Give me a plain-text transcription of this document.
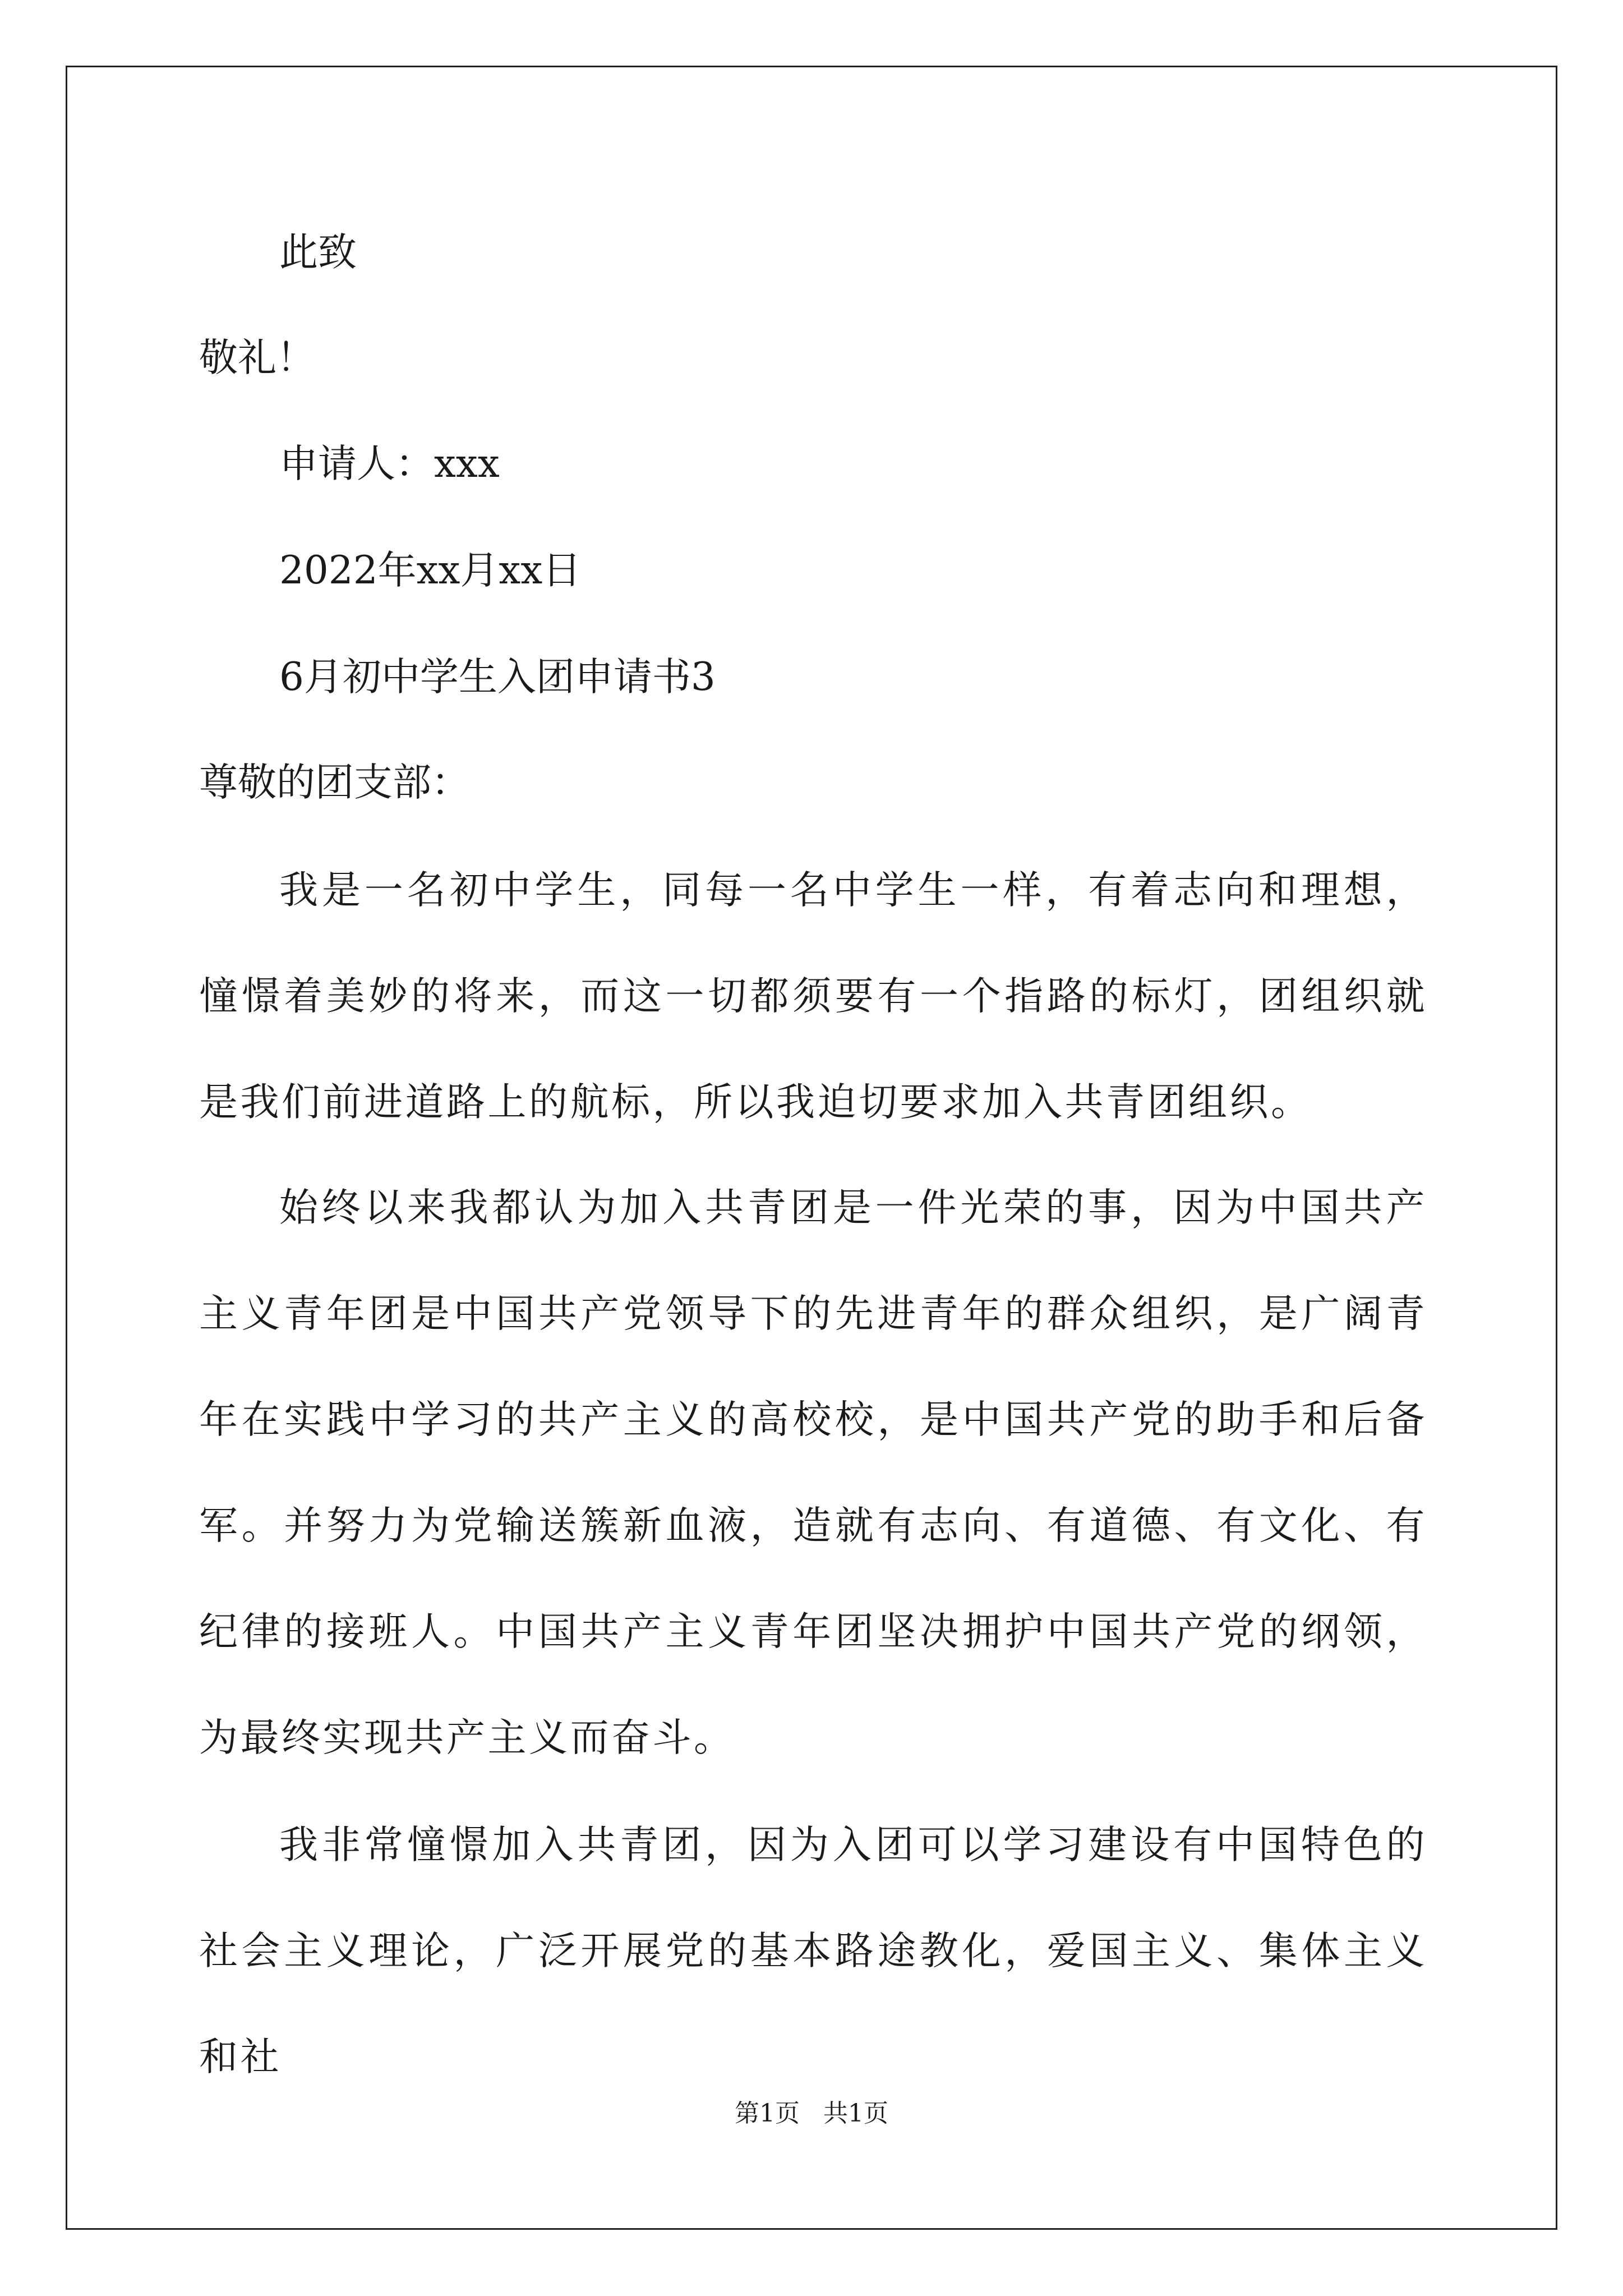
此致
敬礼！
申请人：xxx
2022年xx月xx日
6月初中学生入团申请书3
尊敬的团支部：
我是一名初中学生，同每一名中学生一样，有着志向和理想，憧憬着美妙的将来，而这一切都须要有一个指路的标灯，团组织就是我们前进道路上的航标，所以我迫切要求加入共青团组织。
始终以来我都认为加入共青团是一件光荣的事，因为中国共产主义青年团是中国共产党领导下的先进青年的群众组织，是广阔青年在实践中学习的共产主义的高校校，是中国共产党的助手和后备军。并努力为党输送簇新血液，造就有志向、有道德、有文化、有纪律的接班人。中国共产主义青年团坚决拥护中国共产党的纲领，为最终实现共产主义而奋斗。
我非常憧憬加入共青团，因为入团可以学习建设有中国特色的社会主义理论，广泛开展党的基本路途教化，爱国主义、集体主义和社
第1页   共1页
